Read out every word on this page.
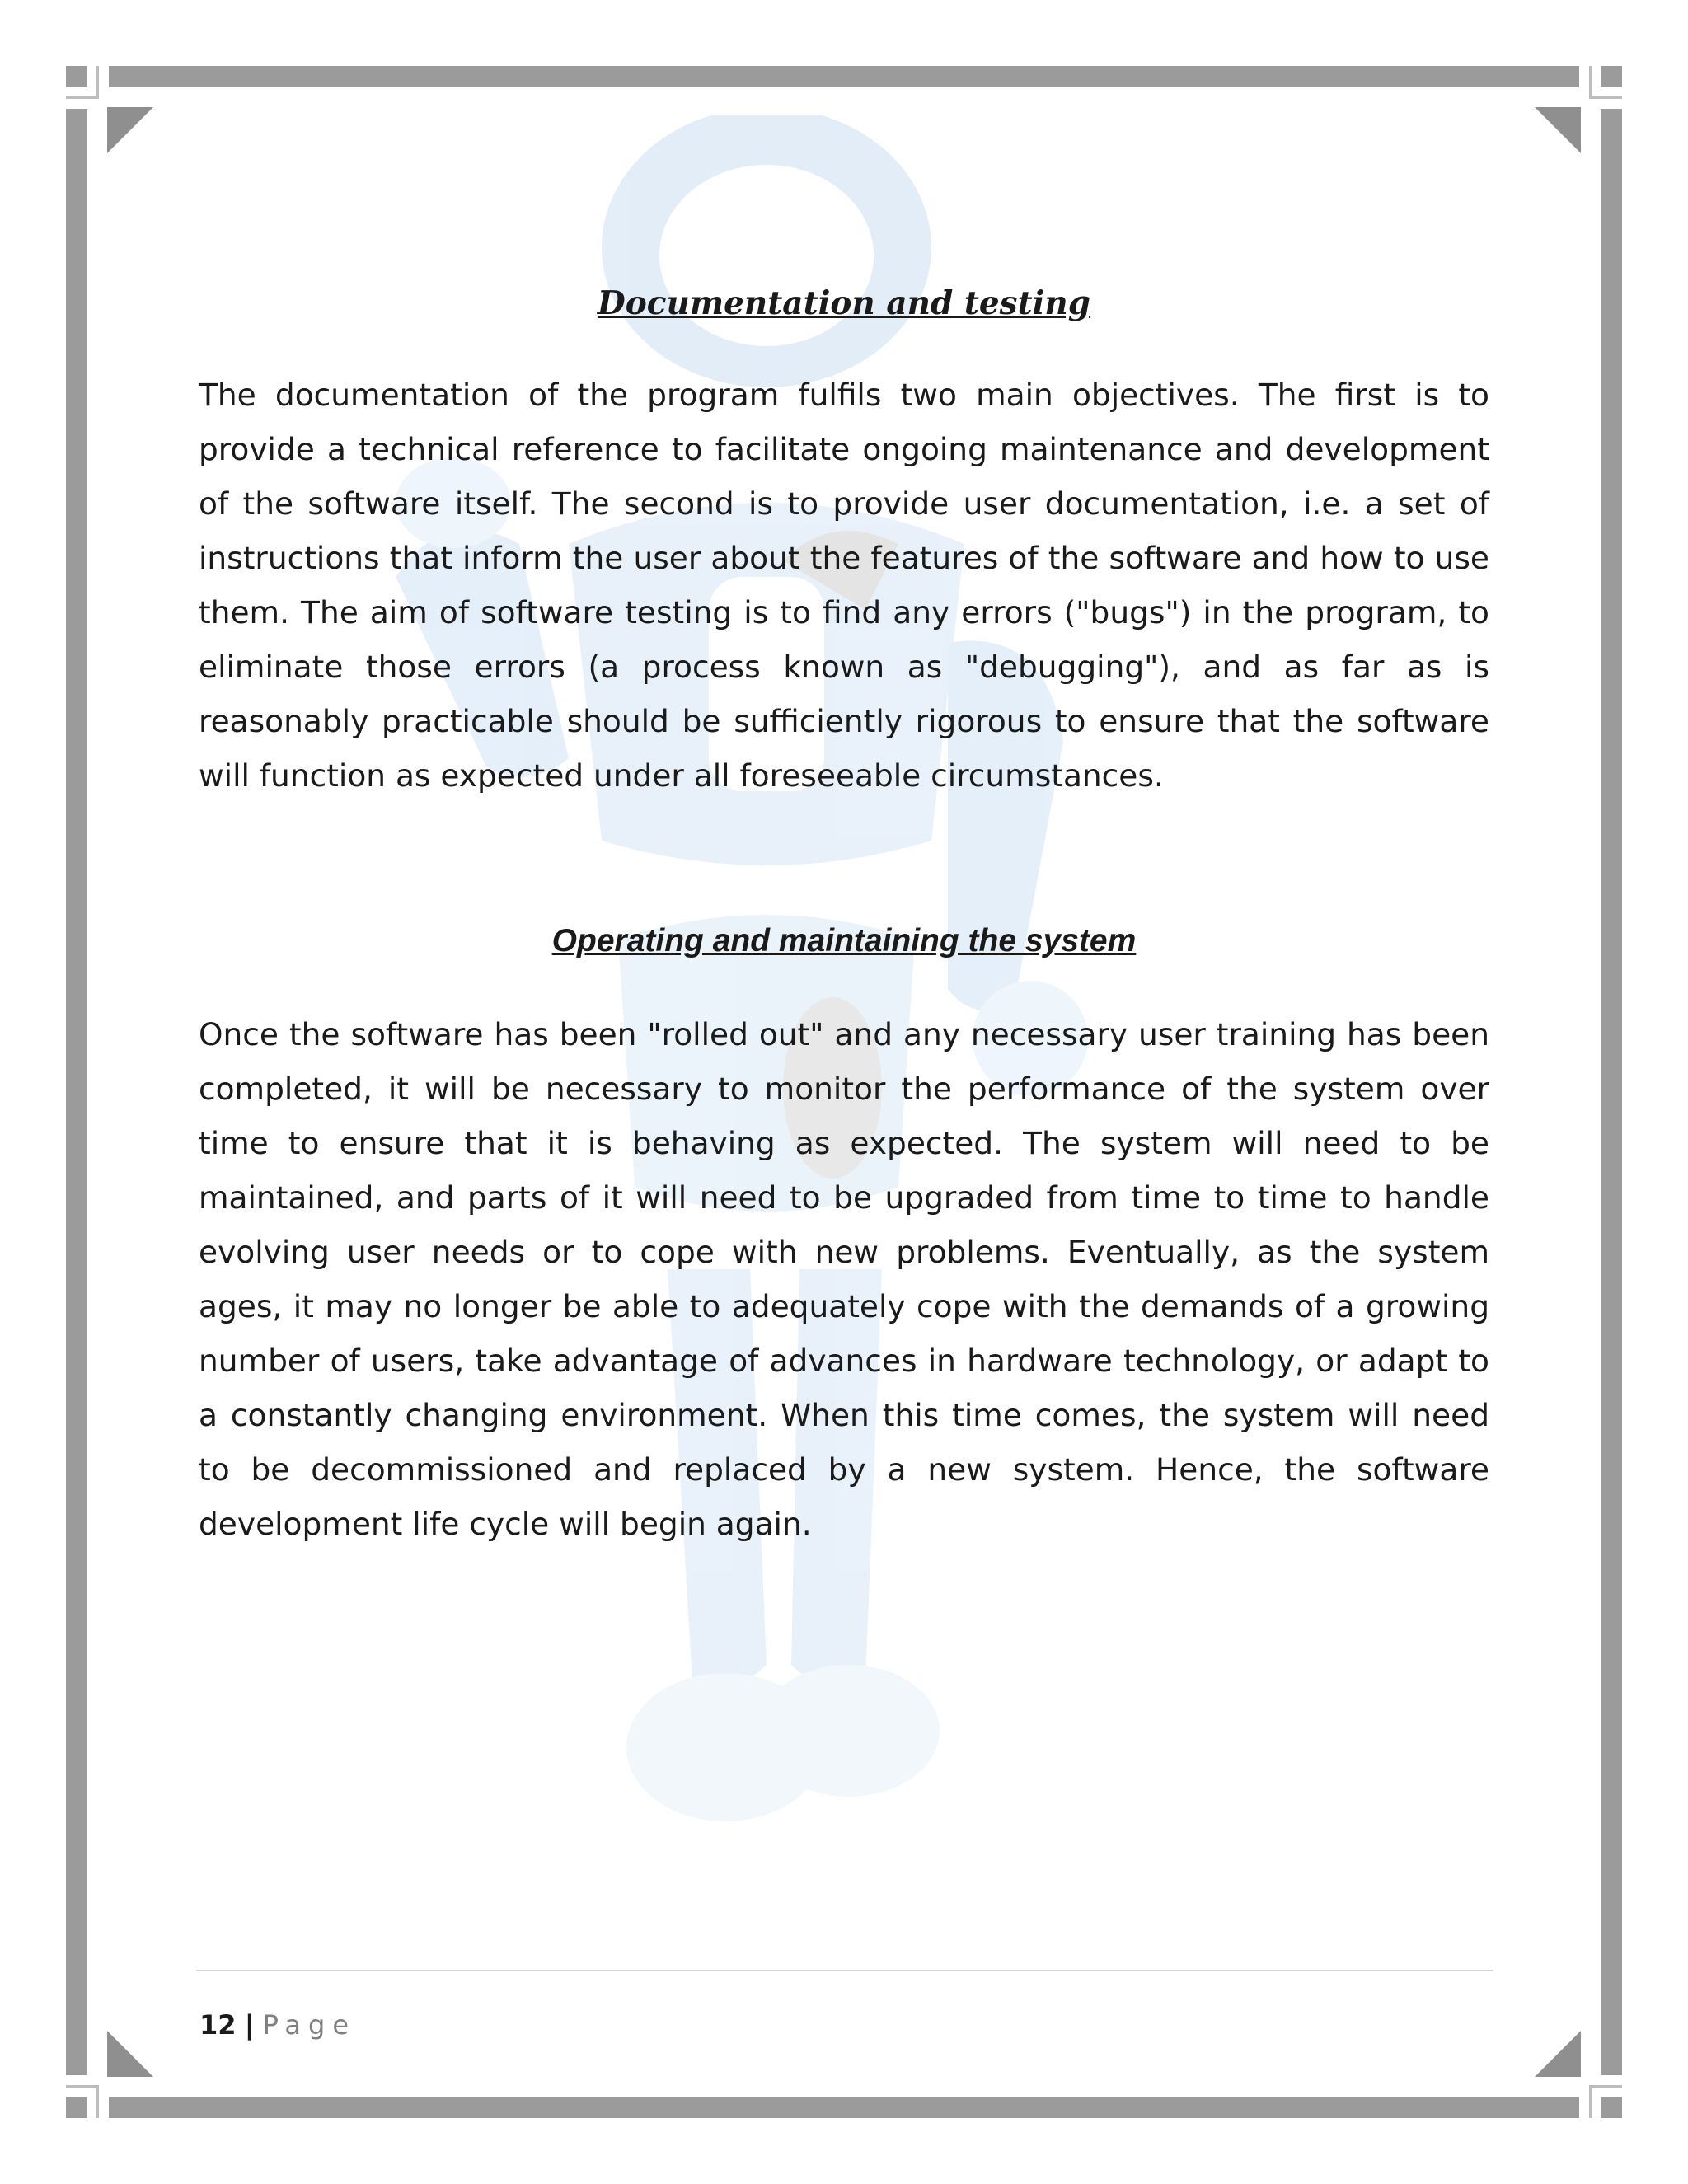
Documentation and testing

The documentation of the program fulfils two main objectives. The first is to provide a technical reference to facilitate ongoing maintenance and development of the software itself. The second is to provide user documentation, i.e. a set of instructions that inform the user about the features of the software and how to use them. The aim of software testing is to find any errors ("bugs") in the program, to eliminate those errors (a process known as "debugging"), and as far as is reasonably practicable should be sufficiently rigorous to ensure that the software will function as expected under all foreseeable circumstances.

Operating and maintaining the system

Once the software has been "rolled out" and any necessary user training has been completed, it will be necessary to monitor the performance of the system over time to ensure that it is behaving as expected. The system will need to be maintained, and parts of it will need to be upgraded from time to time to handle evolving user needs or to cope with new problems. Eventually, as the system ages, it may no longer be able to adequately cope with the demands of a growing number of users, take advantage of advances in hardware technology, or adapt to a constantly changing environment. When this time comes, the system will need to be decommissioned and replaced by a new system. Hence, the software development life cycle will begin again.

12 | Page
